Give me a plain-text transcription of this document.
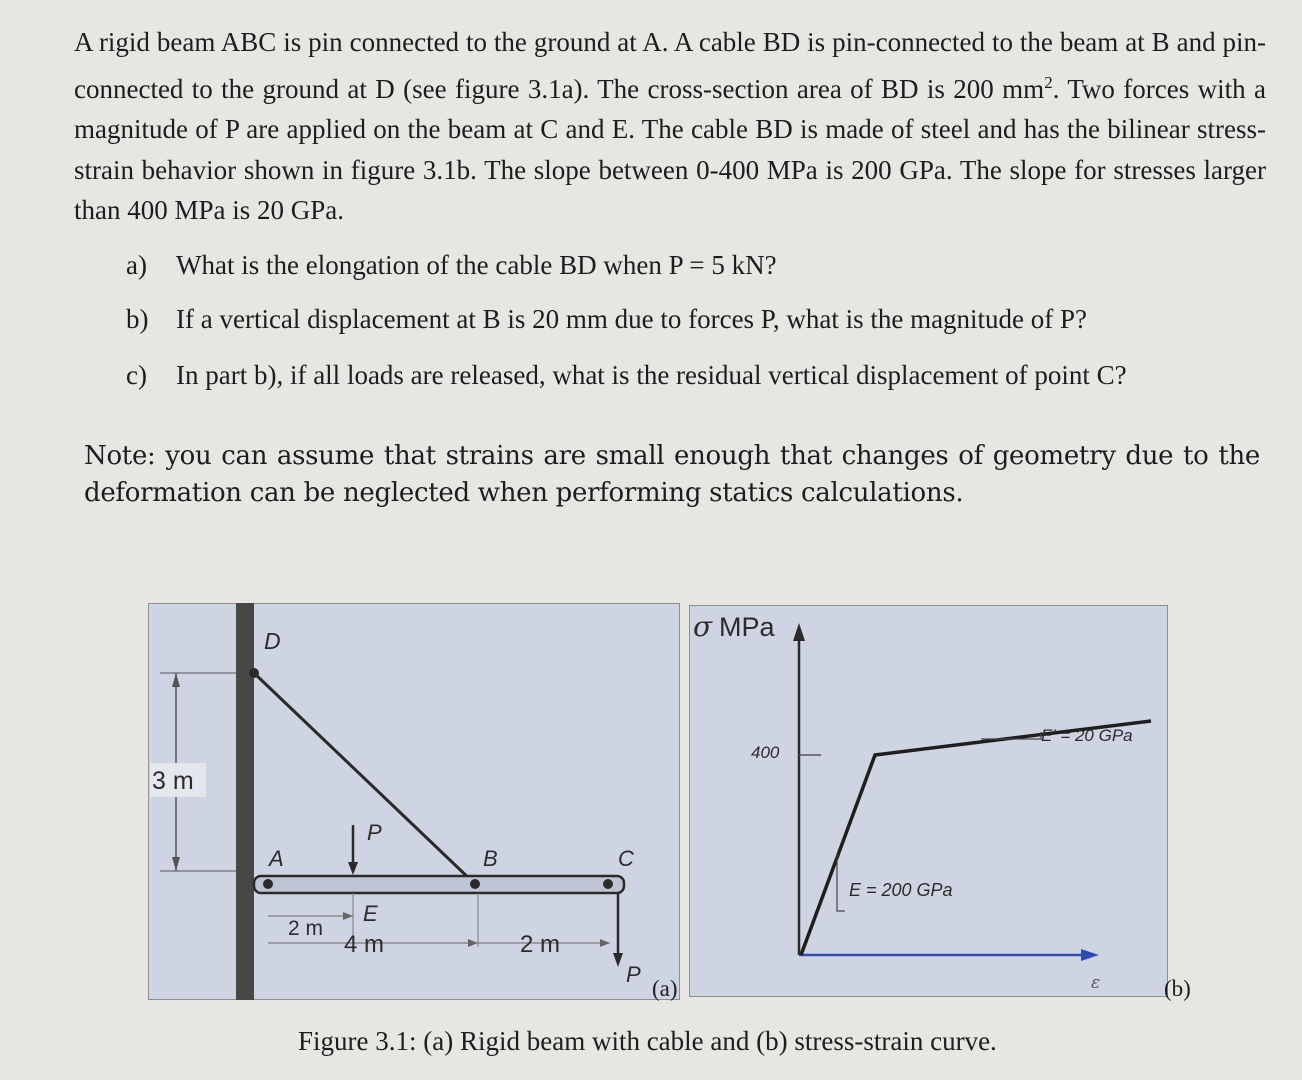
A rigid beam ABC is pin connected to the ground at A. A cable BD is pin-connected to the beam at B and pin-connected to the ground at D (see figure 3.1a). The cross-section area of BD is 200 $mm^2$. Two forces with a magnitude of P are applied on the beam at C and E. The cable BD is made of steel and has the bilinear stress-strain behavior shown in figure 3.1b. The slope between 0-400 MPa is 200 GPa. The slope for stresses larger than 400 MPa is 20 GPa.
a) What is the elongation of the cable BD when P = 5 kN?
b) If a vertical displacement at B is 20 mm due to forces P, what is the magnitude of P?
c) In part b), if all loads are released, what is the residual vertical displacement of point C?
Note: you can assume that strains are small enough that changes of geometry due to the deformation can be neglected when performing statics calculations.
3 m
D
A	B	C
P
E
2 m
4 m	2 m
P
(a)
σ MPa
400
E = 200 GPa
E' = 20 GPa
ε	(b)
Figure 3.1: (a) Rigid beam with cable and (b) stress-strain curve.
